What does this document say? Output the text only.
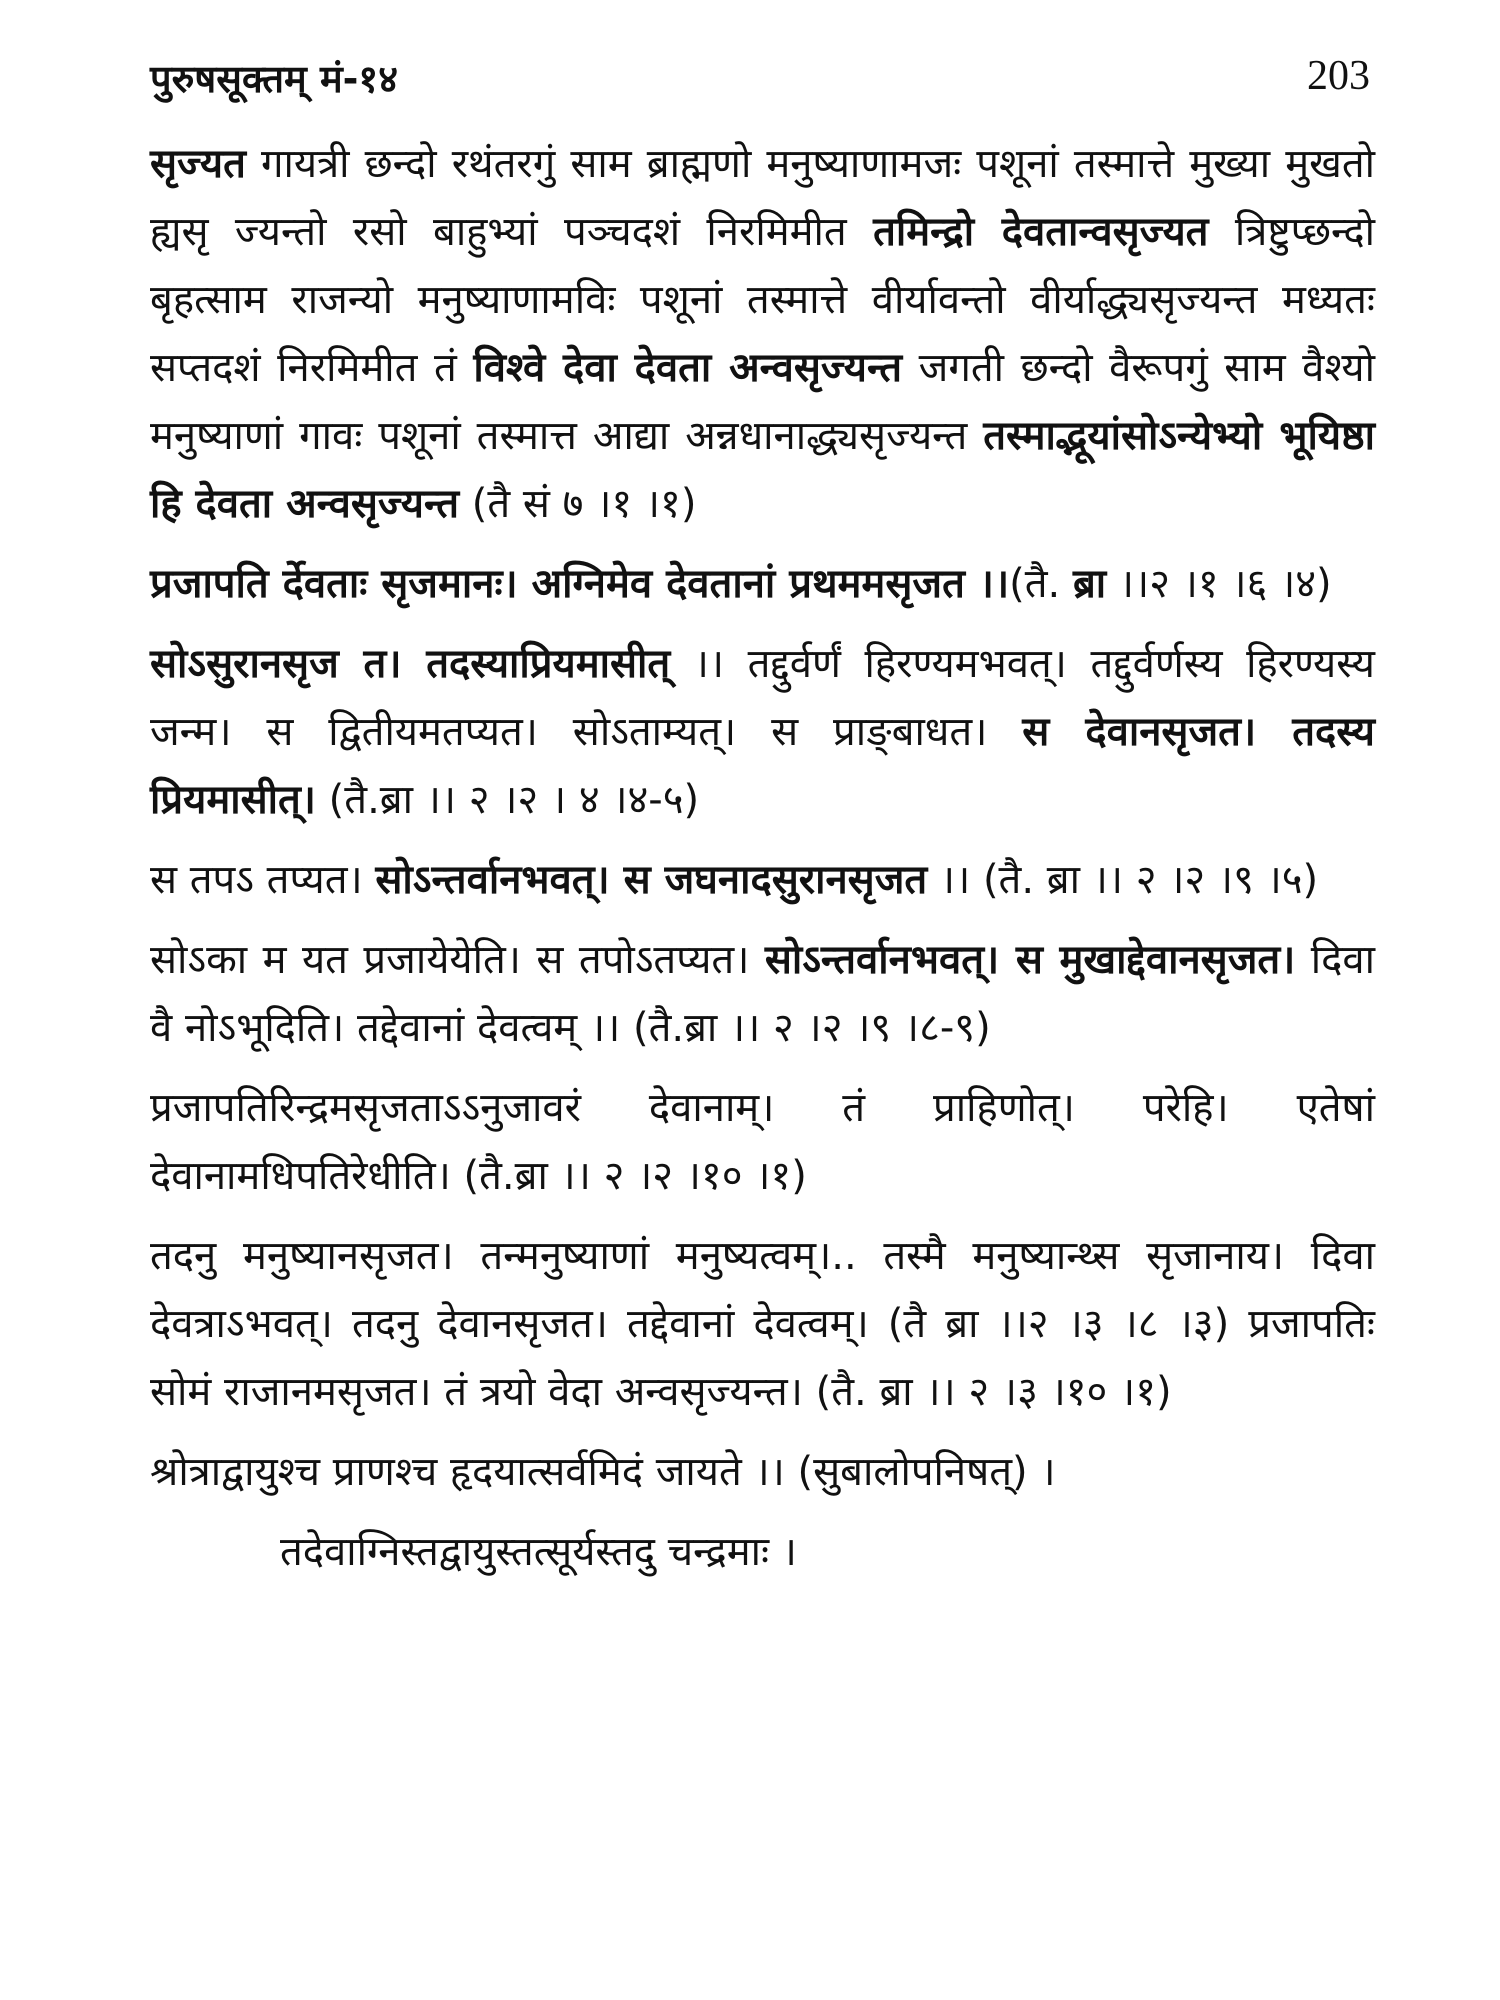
पुरुषसूक्तम् मं-१४	203

सृज्यत गायत्री छन्दो रथंतरगुं साम ब्राह्मणो मनुष्याणामजः पशूनां तस्मात्ते मुख्या मुखतो ह्यसृ ज्यन्तो रसो बाहुभ्यां पञ्चदशं निरमिमीत तमिन्द्रो देवतान्वसृज्यत त्रिष्टुप्छन्दो बृहत्साम राजन्यो मनुष्याणामविः पशूनां तस्मात्ते वीर्यावन्तो वीर्याद्ध्यसृज्यन्त मध्यतः सप्तदशं निरमिमीत तं विश्वे देवा देवता अन्वसृज्यन्त जगती छन्दो वैरूपगुं साम वैश्यो मनुष्याणां गावः पशूनां तस्मात्त आद्या अन्नधानाद्ध्यसृज्यन्त तस्माद्भूयांसोऽन्येभ्यो भूयिष्ठा हि देवता अन्वसृज्यन्त (तै सं ७ ।१ ।१)

प्रजापति र्देवताः सृजमानः। अग्निमेव देवतानां प्रथममसृजत ।।(तै. ब्रा ।।२ ।१ ।६ ।४)

सोऽसुरानसृज त। तदस्याप्रियमासीत् ।। तद्दुर्वर्णं हिरण्यमभवत्। तद्दुर्वर्णस्य हिरण्यस्य जन्म। स द्वितीयमतप्यत। सोऽताम्यत्। स प्राङ्बाधत। स देवानसृजत। तदस्य प्रियमासीत्। (तै.ब्रा ।। २ ।२ । ४ ।४-५)

स तपऽ तप्यत। सोऽन्तर्वानभवत्। स जघनादसुरानसृजत ।। (तै. ब्रा ।। २ ।२ ।९ ।५)

सोऽका म यत प्रजायेयेति। स तपोऽतप्यत। सोऽन्तर्वानभवत्। स मुखाद्देवानसृजत। दिवा वै नोऽभूदिति। तद्देवानां देवत्वम् ।। (तै.ब्रा ।। २ ।२ ।९ ।८-९)

प्रजापतिरिन्द्रमसृजताऽऽनुजावरं देवानाम्। तं प्राहिणोत्। परेहि। एतेषां देवानामधिपतिरेधीति। (तै.ब्रा ।। २ ।२ ।१० ।१)

तदनु मनुष्यानसृजत। तन्मनुष्याणां मनुष्यत्वम्।.. तस्मै मनुष्यान्थ्स सृजानाय। दिवा देवत्राऽभवत्। तदनु देवानसृजत। तद्देवानां देवत्वम्। (तै ब्रा ।।२ ।३ ।८ ।३) प्रजापतिः सोमं राजानमसृजत। तं त्रयो वेदा अन्वसृज्यन्त। (तै. ब्रा ।। २ ।३ ।१० ।१)

श्रोत्राद्वायुश्च प्राणश्च हृदयात्सर्वमिदं जायते ।। (सुबालोपनिषत्) ।

तदेवाग्निस्तद्वायुस्तत्सूर्यस्तदु चन्द्रमाः ।
